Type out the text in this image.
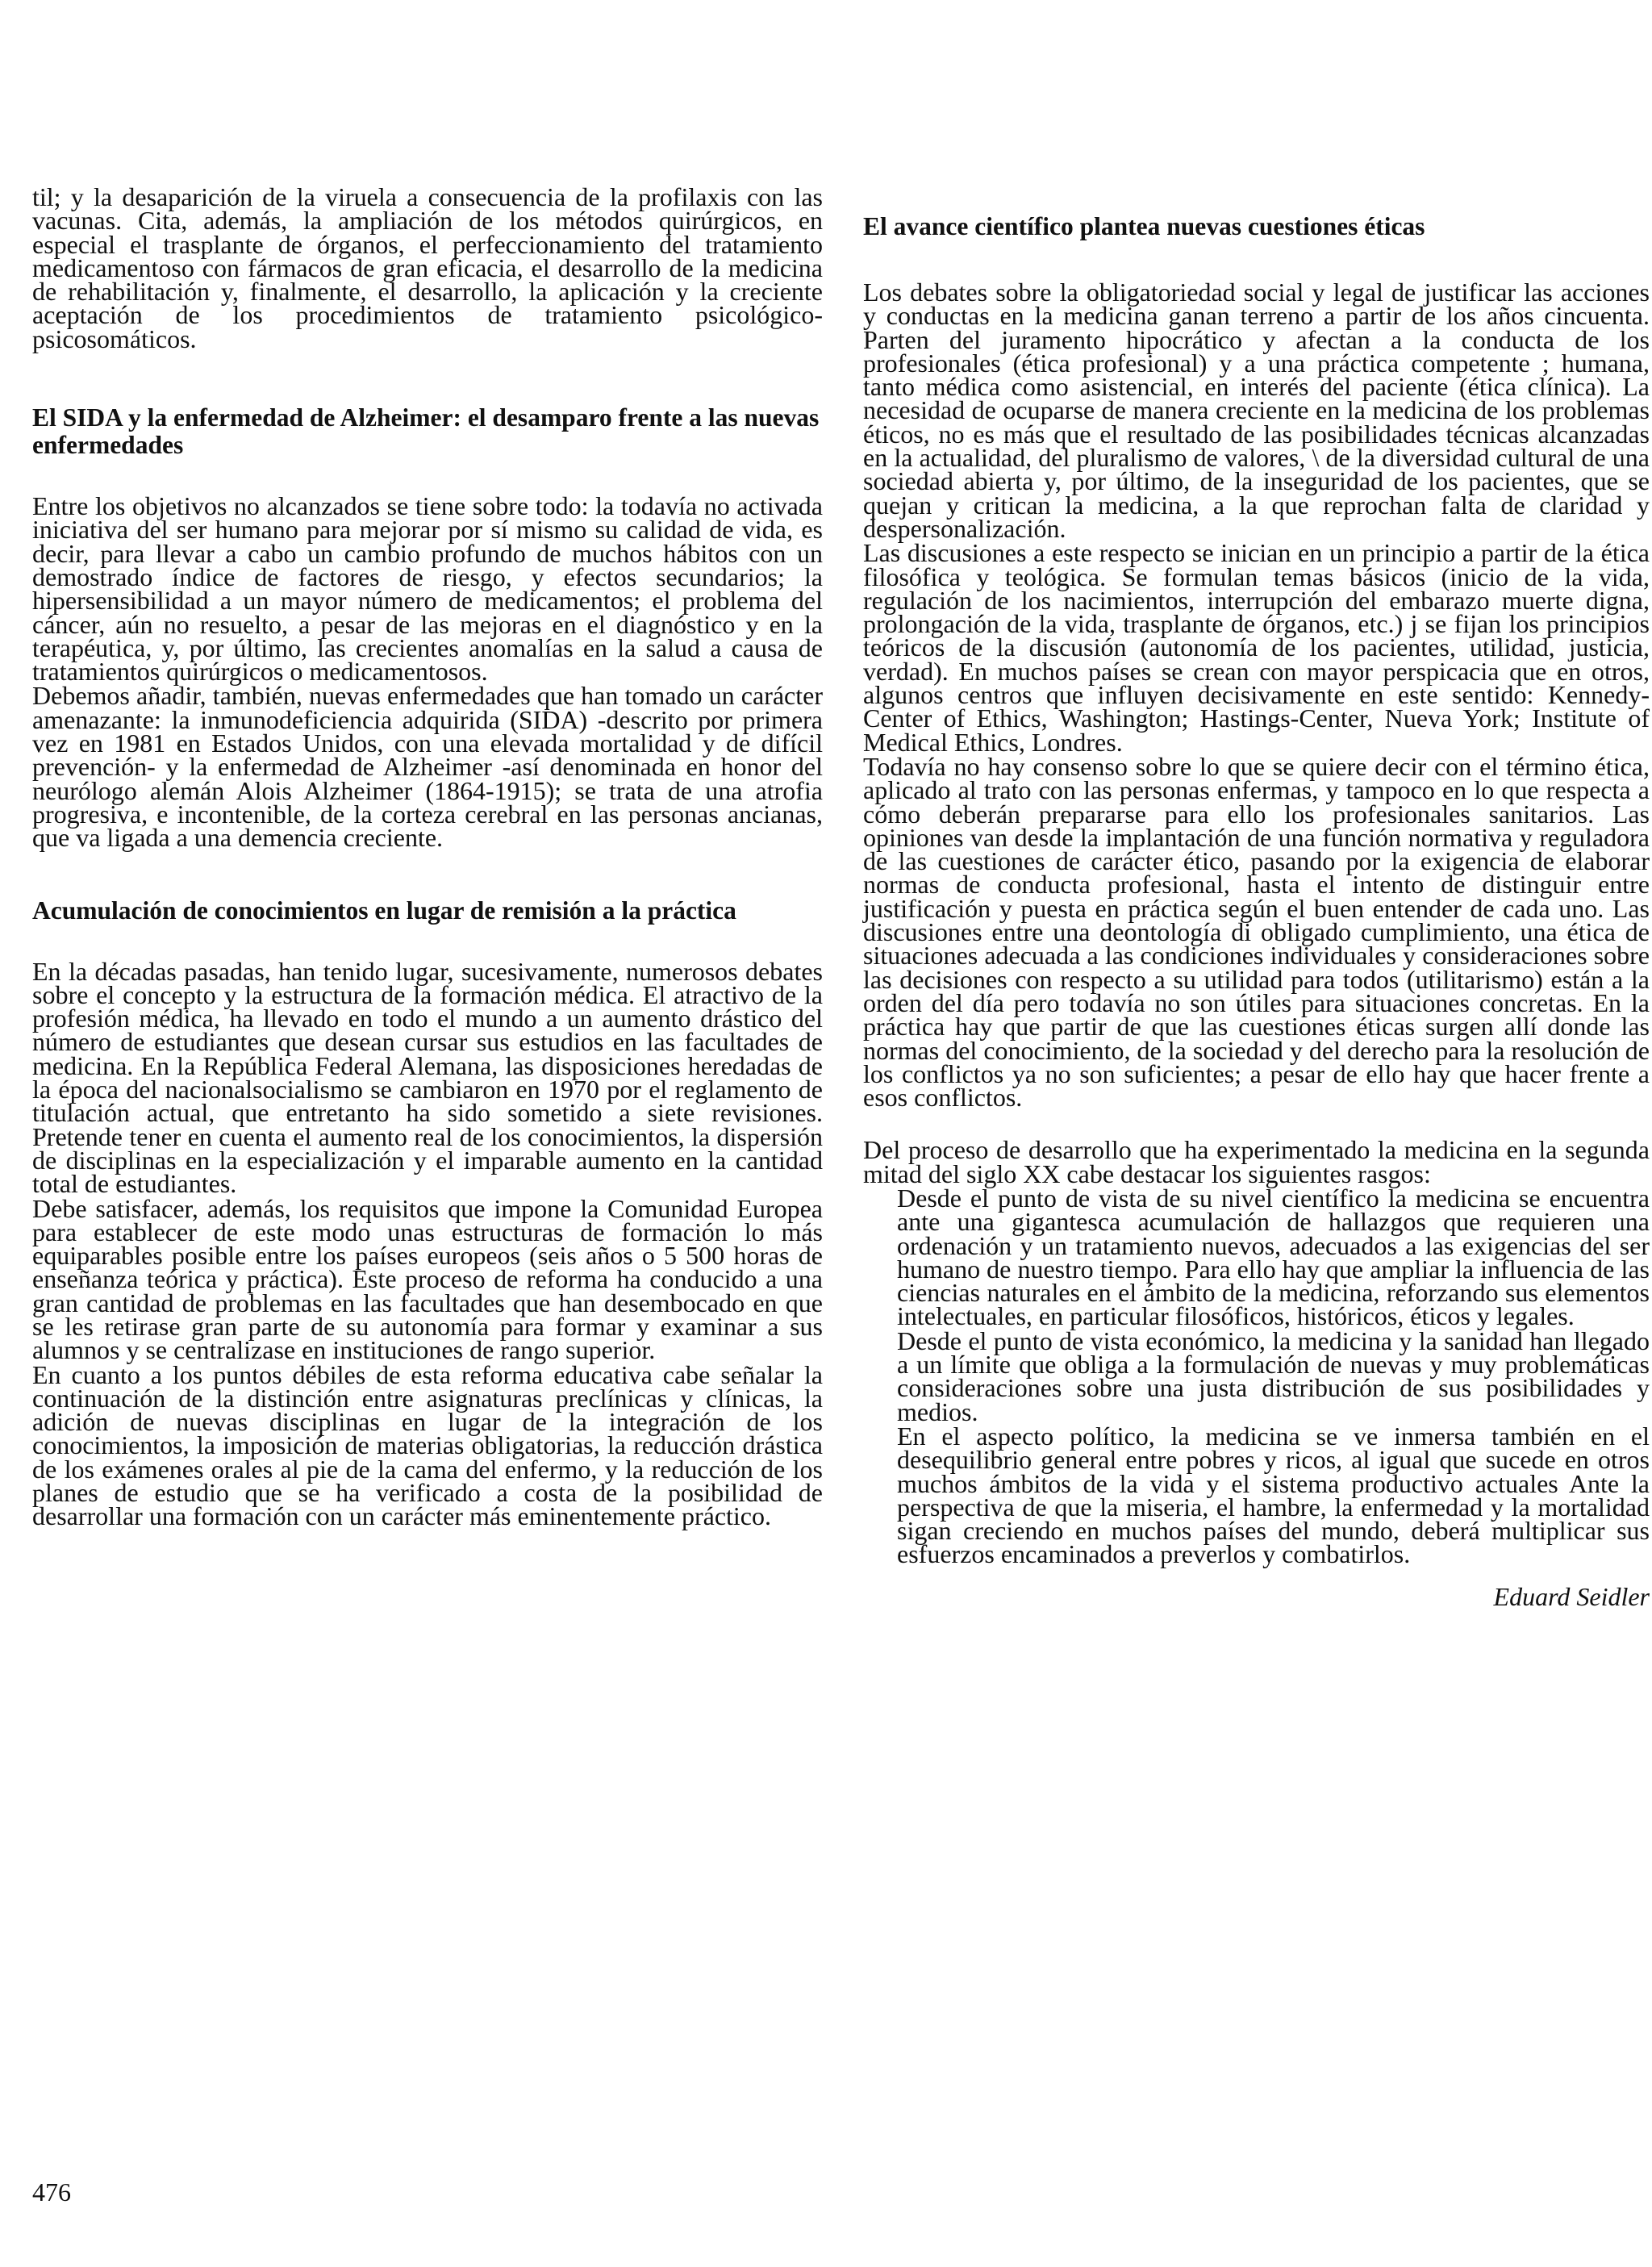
til; y la desaparición de la viruela a consecuencia de la profilaxis con las vacunas. Cita, además, la ampliación de los métodos quirúrgicos, en especial el trasplante de órganos, el perfeccionamiento del tratamiento medicamentoso con fármacos de gran eficacia, el desarrollo de la medicina de rehabilitación y, finalmente, el desarrollo, la aplicación y la creciente aceptación de los procedimientos de tratamiento psicológico-psicosomáticos.

El SIDA y la enfermedad de Alzheimer: el desamparo frente a las nuevas enfermedades

Entre los objetivos no alcanzados se tiene sobre todo: la todavía no activada iniciativa del ser humano para mejorar por sí mismo su calidad de vida, es decir, para llevar a cabo un cambio profundo de muchos hábitos con un demostrado índice de factores de riesgo, y efectos secundarios; la hipersensibilidad a un mayor número de medicamentos; el problema del cáncer, aún no resuelto, a pesar de las mejoras en el diagnóstico y en la terapéutica, y, por último, las crecientes anomalías en la salud a causa de tratamientos quirúrgicos o medicamentosos.

Debemos añadir, también, nuevas enfermedades que han tomado un carácter amenazante: la inmunodeficiencia adquirida (SIDA) -descrito por primera vez en 1981 en Estados Unidos, con una elevada mortalidad y de difícil prevención- y la enfermedad de Alzheimer -así denominada en honor del neurólogo alemán Alois Alzheimer (1864-1915); se trata de una atrofia progresiva, e incontenible, de la corteza cerebral en las personas ancianas, que va ligada a una demencia creciente.

Acumulación de conocimientos en lugar de remisión a la práctica

En la décadas pasadas, han tenido lugar, sucesivamente, numerosos debates sobre el concepto y la estructura de la formación médica. El atractivo de la profesión médica, ha llevado en todo el mundo a un aumento drástico del número de estudiantes que desean cursar sus estudios en las facultades de medicina. En la República Federal Alemana, las disposiciones heredadas de la época del nacionalsocialismo se cambiaron en 1970 por el reglamento de titulación actual, que entretanto ha sido sometido a siete revisiones. Pretende tener en cuenta el aumento real de los conocimientos, la dispersión de disciplinas en la especialización y el imparable aumento en la cantidad total de estudiantes.

Debe satisfacer, además, los requisitos que impone la Comunidad Europea para establecer de este modo unas estructuras de formación lo más equiparables posible entre los países europeos (seis años o 5 500 horas de enseñanza teórica y práctica). Este proceso de reforma ha conducido a una gran cantidad de problemas en las facultades que han desembocado en que se les retirase gran parte de su autonomía para formar y examinar a sus alumnos y se centralizase en instituciones de rango superior.

En cuanto a los puntos débiles de esta reforma educativa cabe señalar la continuación de la distinción entre asignaturas preclínicas y clínicas, la adición de nuevas disciplinas en lugar de la integración de los conocimientos, la imposición de materias obligatorias, la reducción drástica de los exámenes orales al pie de la cama del enfermo, y la reducción de los planes de estudio que se ha verificado a costa de la posibilidad de desarrollar una formación con un carácter más eminentemente práctico.

El avance científico plantea nuevas cuestiones éticas

Los debates sobre la obligatoriedad social y legal de justificar las acciones y conductas en la medicina ganan terreno a partir de los años cincuenta. Parten del juramento hipocrático y afectan a la conducta de los profesionales (ética profesional) y a una práctica competente ; humana, tanto médica como asistencial, en interés del paciente (ética clínica). La necesidad de ocuparse de manera creciente en la medicina de los problemas éticos, no es más que el resultado de las posibilidades técnicas alcanzadas en la actualidad, del pluralismo de valores, \ de la diversidad cultural de una sociedad abierta y, por último, de la inseguridad de los pacientes, que se quejan y critican la medicina, a la que reprochan falta de claridad y despersonalización.

Las discusiones a este respecto se inician en un principio a partir de la ética filosófica y teológica. Se formulan temas básicos (inicio de la vida, regulación de los nacimientos, interrupción del embarazo muerte digna, prolongación de la vida, trasplante de órganos, etc.) j se fijan los principios teóricos de la discusión (autonomía de los pacientes, utilidad, justicia, verdad). En muchos países se crean con mayor perspicacia que en otros, algunos centros que influyen decisivamente en este sentido: Kennedy-Center of Ethics, Washington; Hastings-Center, Nueva York; Institute of Medical Ethics, Londres.

Todavía no hay consenso sobre lo que se quiere decir con el término ética, aplicado al trato con las personas enfermas, y tampoco en lo que respecta a cómo deberán prepararse para ello los profesionales sanitarios. Las opiniones van desde la implantación de una función normativa y reguladora de las cuestiones de carácter ético, pasando por la exigencia de elaborar normas de conducta profesional, hasta el intento de distinguir entre justificación y puesta en práctica según el buen entender de cada uno. Las discusiones entre una deontología di obligado cumplimiento, una ética de situaciones adecuada a las condiciones individuales y consideraciones sobre las decisiones con respecto a su utilidad para todos (utilitarismo) están a la orden del día pero todavía no son útiles para situaciones concretas. En la práctica hay que partir de que las cuestiones éticas surgen allí donde las normas del conocimiento, de la sociedad y del derecho para la resolución de los conflictos ya no son suficientes; a pesar de ello hay que hacer frente a esos conflictos.

Del proceso de desarrollo que ha experimentado la medicina en la segunda mitad del siglo XX cabe destacar los siguientes rasgos:

Desde el punto de vista de su nivel científico la medicina se encuentra ante una gigantesca acumulación de hallazgos que requieren una ordenación y un tratamiento nuevos, adecuados a las exigencias del ser humano de nuestro tiempo. Para ello hay que ampliar la influencia de las ciencias naturales en el ámbito de la medicina, reforzando sus elementos intelectuales, en particular filosóficos, históricos, éticos y legales.

Desde el punto de vista económico, la medicina y la sanidad han llegado a un límite que obliga a la formulación de nuevas y muy problemáticas consideraciones sobre una justa distribución de sus posibilidades y medios.

En el aspecto político, la medicina se ve inmersa también en el desequilibrio general entre pobres y ricos, al igual que sucede en otros muchos ámbitos de la vida y el sistema productivo actuales Ante la perspectiva de que la miseria, el hambre, la enfermedad y la mortalidad sigan creciendo en muchos países del mundo, deberá multiplicar sus esfuerzos encaminados a preverlos y combatirlos.

Eduard Seidler
476
